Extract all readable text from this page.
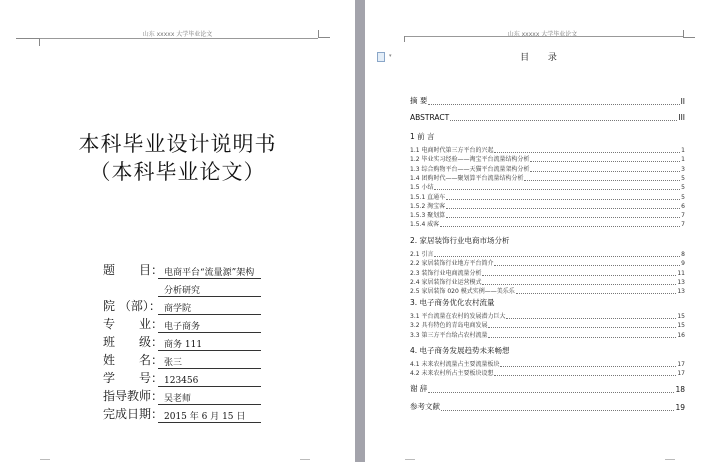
山东 xxxxx 大学毕业论文
本科毕业设计说明书
（本科毕业论文）
题　　目： 电商平台“流量源”架构
分析研究
院 （部）： 商学院
专　　业： 电子商务
班　　级： 商务 111
姓　　名： 张三
学　　号： 123456
指导教师： 吴老师
完成日期： 2015 年 6 月 15 日
山东 xxxxx 大学毕业论文
▾	目 录
摘 要	II
ABSTRACT	III
1 前 言
1.1 电商时代第三方平台的兴起	1
1.2 毕业实习经验——淘宝平台流量结构分析	1
1.3 综合购物平台——天猫平台流量架构分析	3
1.4 团购时代——聚划算平台流量结构分析	5
1.5 小结	5
1.5.1 直通车	5
1.5.2 淘宝客	6
1.5.3 聚划算	7
1.5.4 威客	7
2. 家居装饰行业电商市场分析
2.1 引言	8
2.2 家居装饰行业地方平台简介	9
2.3 装饰行业电商流量分析	11
2.4 家居装饰行业运营模式	13
2.5 家居装饰 020 模式实例——美乐乐	13
3. 电子商务优化农村流量
3.1 平台流量在农村的发展潜力巨大	15
3.2 具有特色的青岛电商发展	15
3.3 第三方平台给占农村流量	16
4. 电子商务发展趋势未来畅想
4.1 未来农村流量占主要流量板块	17
4.2 未来农村所占主要板块设想	17
谢 辞	18
参考文献	19
